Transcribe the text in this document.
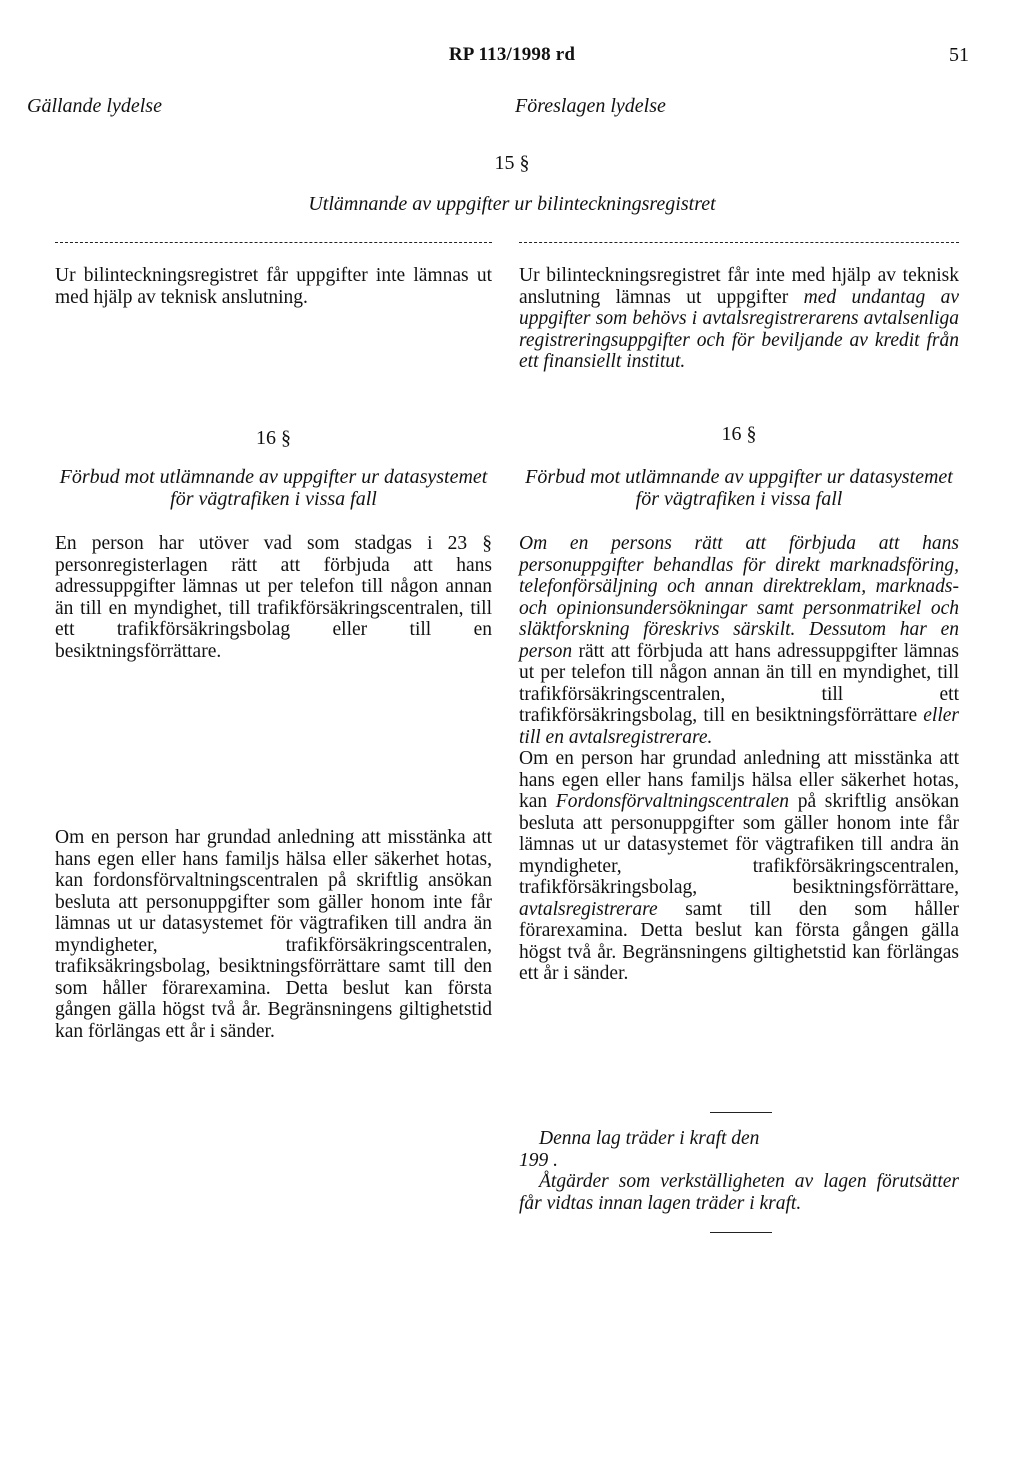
RP 113/1998 rd	51
Gällande lydelse	Föreslagen lydelse
15 §
Utlämnande av uppgifter ur bilinteckningsregistret

Ur bilinteckningsregistret får uppgifter inte lämnas ut med hjälp av teknisk anslutning.

Ur bilinteckningsregistret får inte med hjälp av teknisk anslutning lämnas ut uppgifter med undantag av uppgifter som behövs i avtalsregistrerarens avtalsenliga registreringsuppgifter och för beviljande av kredit från ett finansiellt institut.

16 §	16 §
Förbud mot utlämnande av uppgifter ur datasystemet för vägtrafiken i vissa fall
Förbud mot utlämnande av uppgifter ur datasystemet för vägtrafiken i vissa fall

En person har utöver vad som stadgas i 23 § personregisterlagen rätt att förbjuda att hans adressuppgifter lämnas ut per telefon till någon annan än till en myndighet, till trafikförsäkringscentralen, till ett trafikförsäkringsbolag eller till en besiktningsförrättare.

Om en person har grundad anledning att misstänka att hans egen eller hans familjs hälsa eller säkerhet hotas, kan fordonsförvaltningscentralen på skriftlig ansökan besluta att personuppgifter som gäller honom inte får lämnas ut ur datasystemet för vägtrafiken till andra än myndigheter, trafikförsäkringscentralen, trafiksäkringsbolag, besiktningsförrättare samt till den som håller förarexamina. Detta beslut kan första gången gälla högst två år. Begränsningens giltighetstid kan förlängas ett år i sänder.

Om en persons rätt att förbjuda att hans personuppgifter behandlas för direkt marknadsföring, telefonförsäljning och annan direktreklam, marknads- och opinionsundersökningar samt personmatrikel och släktforskning föreskrivs särskilt. Dessutom har en person rätt att förbjuda att hans adressuppgifter lämnas ut per telefon till någon annan än till en myndighet, till trafikförsäkringscentralen, till ett trafikförsäkringsbolag, till en besiktningsförrättare eller till en avtalsregistrerare.

Om en person har grundad anledning att misstänka att hans egen eller hans familjs hälsa eller säkerhet hotas, kan Fordonsförvaltningscentralen på skriftlig ansökan besluta att personuppgifter som gäller honom inte får lämnas ut ur datasystemet för vägtrafiken till andra än myndigheter, trafikförsäkringscentralen, trafikförsäkringsbolag, besiktningsförrättare, avtalsregistrerare samt till den som håller förarexamina. Detta beslut kan första gången gälla högst två år. Begränsningens giltighetstid kan förlängas ett år i sänder.

Denna lag träder i kraft den

199 .

Åtgärder som verkställigheten av lagen förutsätter får vidtas innan lagen träder i kraft.
